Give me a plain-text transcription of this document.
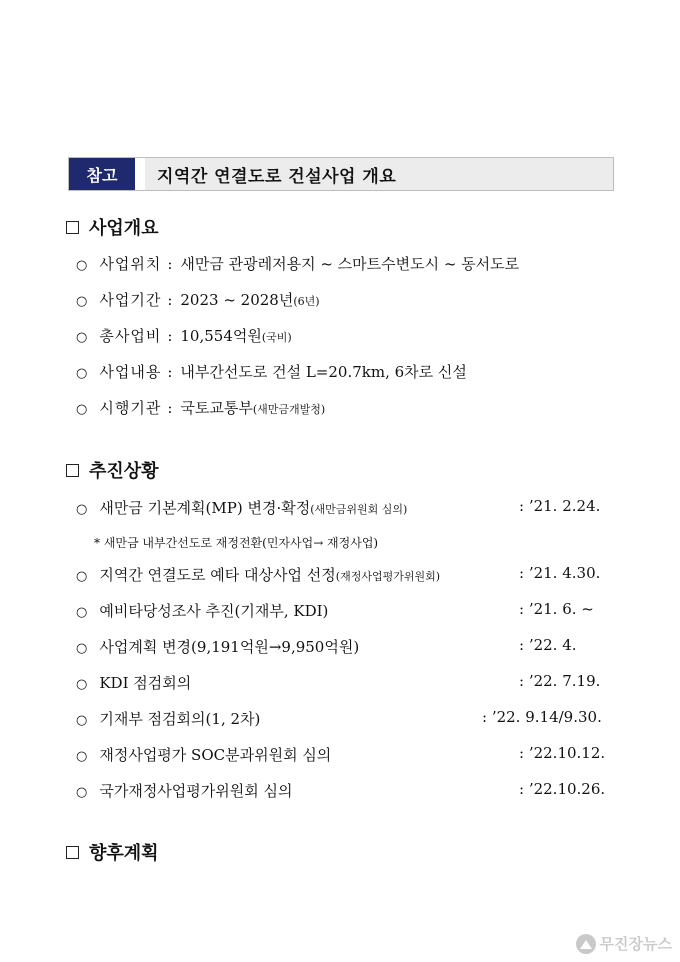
참고	지역간 연결도로 건설사업 개요
사업개요
○ 사업위치 : 새만금 관광레저용지 ~ 스마트수변도시 ~ 동서도로
○ 사업기간 : 2023 ~ 2028년 (6년)
○ 총사업비 : 10,554억원 (국비)
○ 사업내용 : 내부간선도로 건설 L=20.7km, 6차로 신설
○ 시행기관 : 국토교통부 (새만금개발청)
추진상황
○ 새만금 기본계획(MP) 변경·확정 (새만금위원회 심의)	: ’21. 2.24.
* 새만금 내부간선도로 재정전환(민자사업→ 재정사업)
○ 지역간 연결도로 예타 대상사업 선정 (재정사업평가위원회)	: ’21. 4.30.
○ 예비타당성조사 추진(기재부, KDI)	: ’21. 6. ~
○ 사업계획 변경(9,191억원→9,950억원)	: ’22. 4.
○ KDI 점검회의	: ’22. 7.19.
○ 기재부 점검회의(1, 2차)	: ’22. 9.14/9.30.
○ 재정사업평가 SOC분과위원회 심의	: ’22.10.12.
○ 국가재정사업평가위원회 심의	: ’22.10.26.
향후계획
무진장뉴스
